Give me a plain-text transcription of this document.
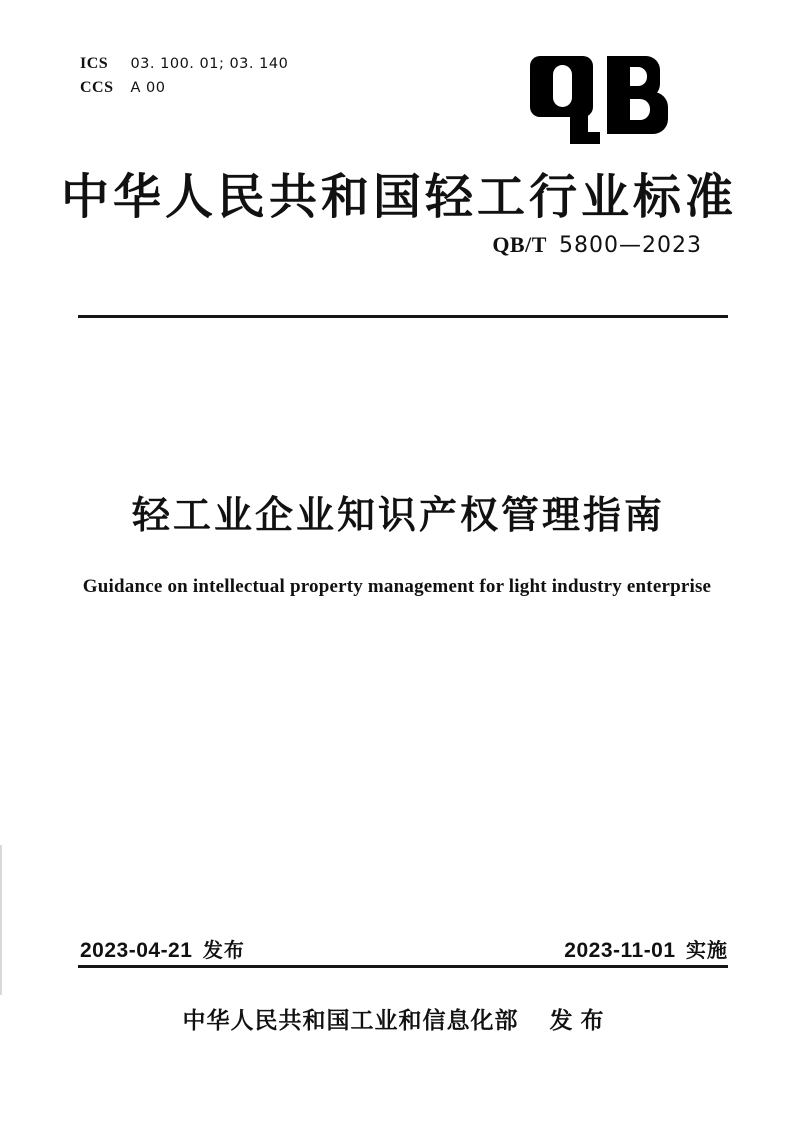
ICS 03. 100. 01; 03. 140
CCS A 00
中华人民共和国轻工行业标准
QB/T 5800—2023
轻工业企业知识产权管理指南
Guidance on intellectual property management for light industry enterprise
2023-04-21 发布	2023-11-01 实施
中华人民共和国工业和信息化部 发布
